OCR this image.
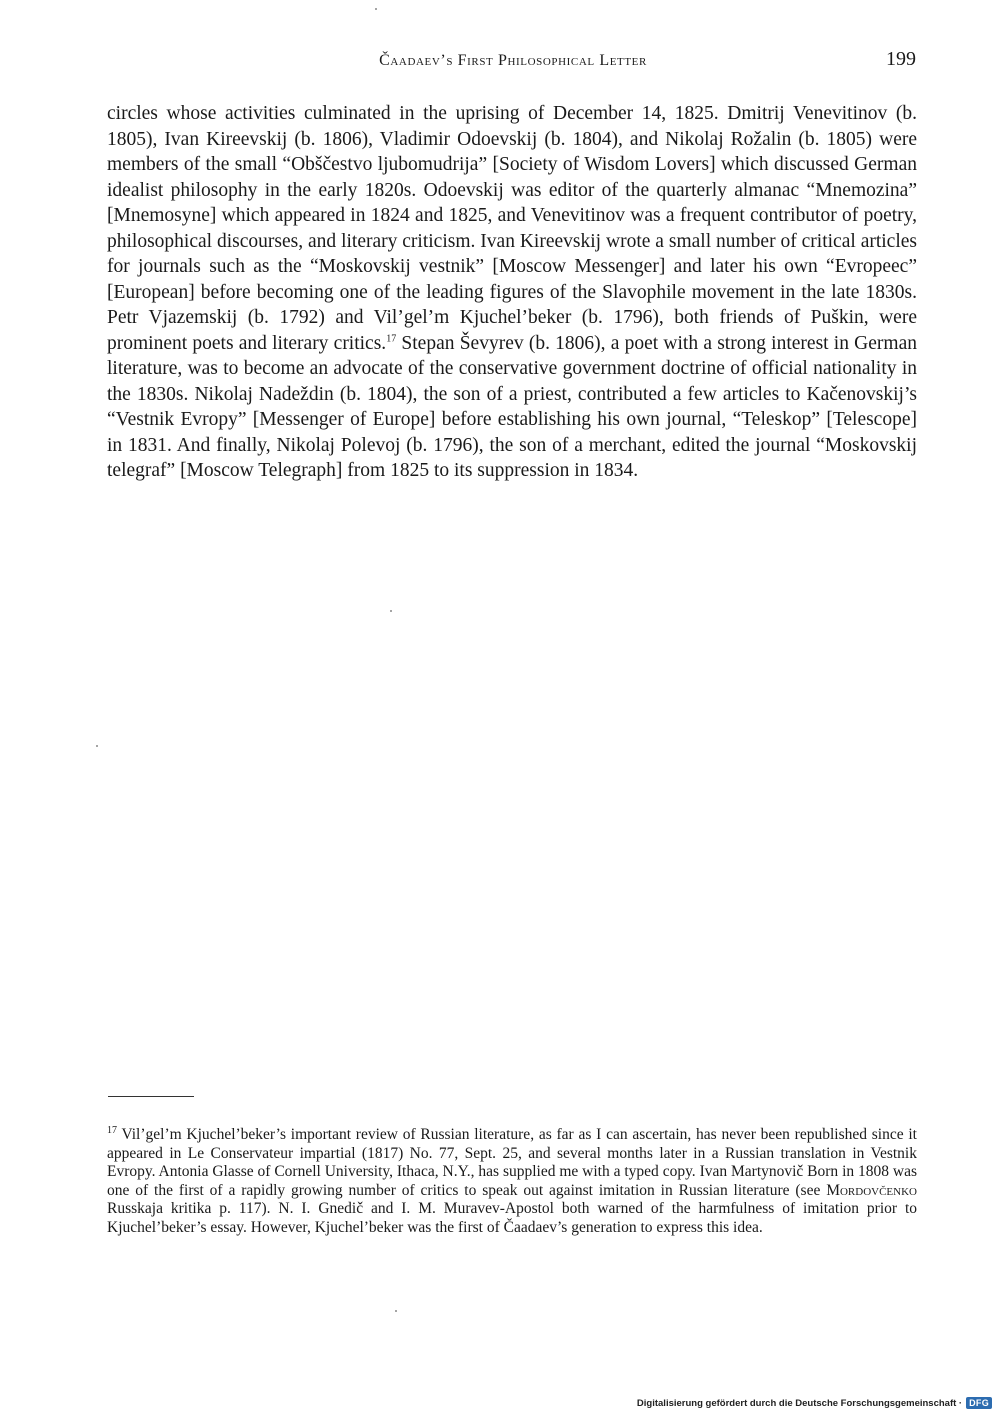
Čaadaev’s First Philosophical Letter	199

circles whose activities culminated in the uprising of December 14, 1825. Dmitrij Venevitinov (b. 1805), Ivan Kireevskij (b. 1806), Vladimir Odoevskij (b. 1804), and Nikolaj Rožalin (b. 1805) were members of the small “Obščestvo ljubomudrija” [Society of Wisdom Lovers] which discussed German idealist philosophy in the early 1820s. Odoevskij was editor of the quarterly almanac “Mnemozina” [Mnemosyne] which appeared in 1824 and 1825, and Venevitinov was a frequent contributor of poetry, philosophical discourses, and literary criticism. Ivan Kireevskij wrote a small number of critical articles for journals such as the “Moskovskij vestnik” [Moscow Messenger] and later his own “Evropeec” [European] before becoming one of the leading figures of the Slavophile movement in the late 1830s. Petr Vjazemskij (b. 1792) and Vil’gel’m Kjuchel’beker (b. 1796), both friends of Puškin, were prominent poets and literary critics.$^{17}$ Stepan Ševyrev (b. 1806), a poet with a strong interest in German literature, was to become an advocate of the conservative government doctrine of official nationality in the 1830s. Nikolaj Nadeždin (b. 1804), the son of a priest, contributed a few articles to Kačenovskij’s “Vestnik Evropy” [Messenger of Europe] before establishing his own journal, “Teleskop” [Telescope] in 1831. And finally, Nikolaj Polevoj (b. 1796), the son of a merchant, edited the journal “Moskovskij telegraf” [Moscow Telegraph] from 1825 to its suppression in 1834.

$^{17}$ Vil’gel’m Kjuchel’beker’s important review of Russian literature, as far as I can ascertain, has never been republished since it appeared in Le Conservateur impartial (1817) No. 77, Sept. 25, and several months later in a Russian translation in Vestnik Evropy. Antonia Glasse of Cornell University, Ithaca, N.Y., has supplied me with a typed copy. Ivan Martynovič Born in 1808 was one of the first of a rapidly growing number of critics to speak out against imitation in Russian literature (see Mordovčenko Russkaja kritika p. 117). N. I. Gnedič and I. M. Muravev-Apostol both warned of the harmfulness of imitation prior to Kjuchel’beker’s essay. However, Kjuchel’beker was the first of Čaadaev’s generation to express this idea.

Digitalisierung gefördert durch die Deutsche Forschungsgemeinschaft · DFG
